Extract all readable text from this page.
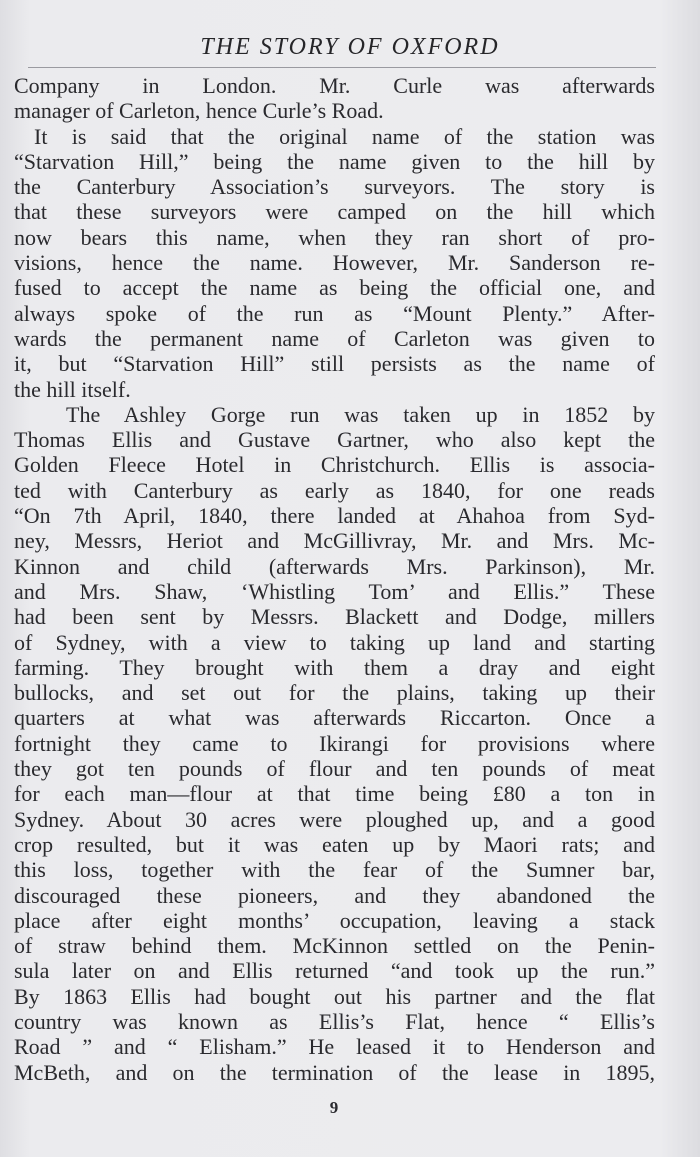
THE STORY OF OXFORD
Company in London. Mr. Curle was afterwards
manager of Carleton, hence Curle’s Road.
It is said that the original name of the station was
“Starvation Hill,” being the name given to the hill by
the Canterbury Association’s surveyors. The story is
that these surveyors were camped on the hill which
now bears this name, when they ran short of pro-
visions, hence the name. However, Mr. Sanderson re-
fused to accept the name as being the official one, and
always spoke of the run as “Mount Plenty.” After-
wards the permanent name of Carleton was given to
it, but “Starvation Hill” still persists as the name of
the hill itself.
The Ashley Gorge run was taken up in 1852 by
Thomas Ellis and Gustave Gartner, who also kept the
Golden Fleece Hotel in Christchurch. Ellis is associa-
ted with Canterbury as early as 1840, for one reads
“On 7th April, 1840, there landed at Ahahoa from Syd-
ney, Messrs, Heriot and McGillivray, Mr. and Mrs. Mc-
Kinnon and child (afterwards Mrs. Parkinson), Mr.
and Mrs. Shaw, ‘Whistling Tom’ and Ellis.” These
had been sent by Messrs. Blackett and Dodge, millers
of Sydney, with a view to taking up land and starting
farming. They brought with them a dray and eight
bullocks, and set out for the plains, taking up their
quarters at what was afterwards Riccarton. Once a
fortnight they came to Ikirangi for provisions where
they got ten pounds of flour and ten pounds of meat
for each man—flour at that time being £80 a ton in
Sydney. About 30 acres were ploughed up, and a good
crop resulted, but it was eaten up by Maori rats; and
this loss, together with the fear of the Sumner bar,
discouraged these pioneers, and they abandoned the
place after eight months’ occupation, leaving a stack
of straw behind them. McKinnon settled on the Penin-
sula later on and Ellis returned “and took up the run.”
By 1863 Ellis had bought out his partner and the flat
country was known as Ellis’s Flat, hence “ Ellis’s
Road ” and “ Elisham.” He leased it to Henderson and
McBeth, and on the termination of the lease in 1895,
9
